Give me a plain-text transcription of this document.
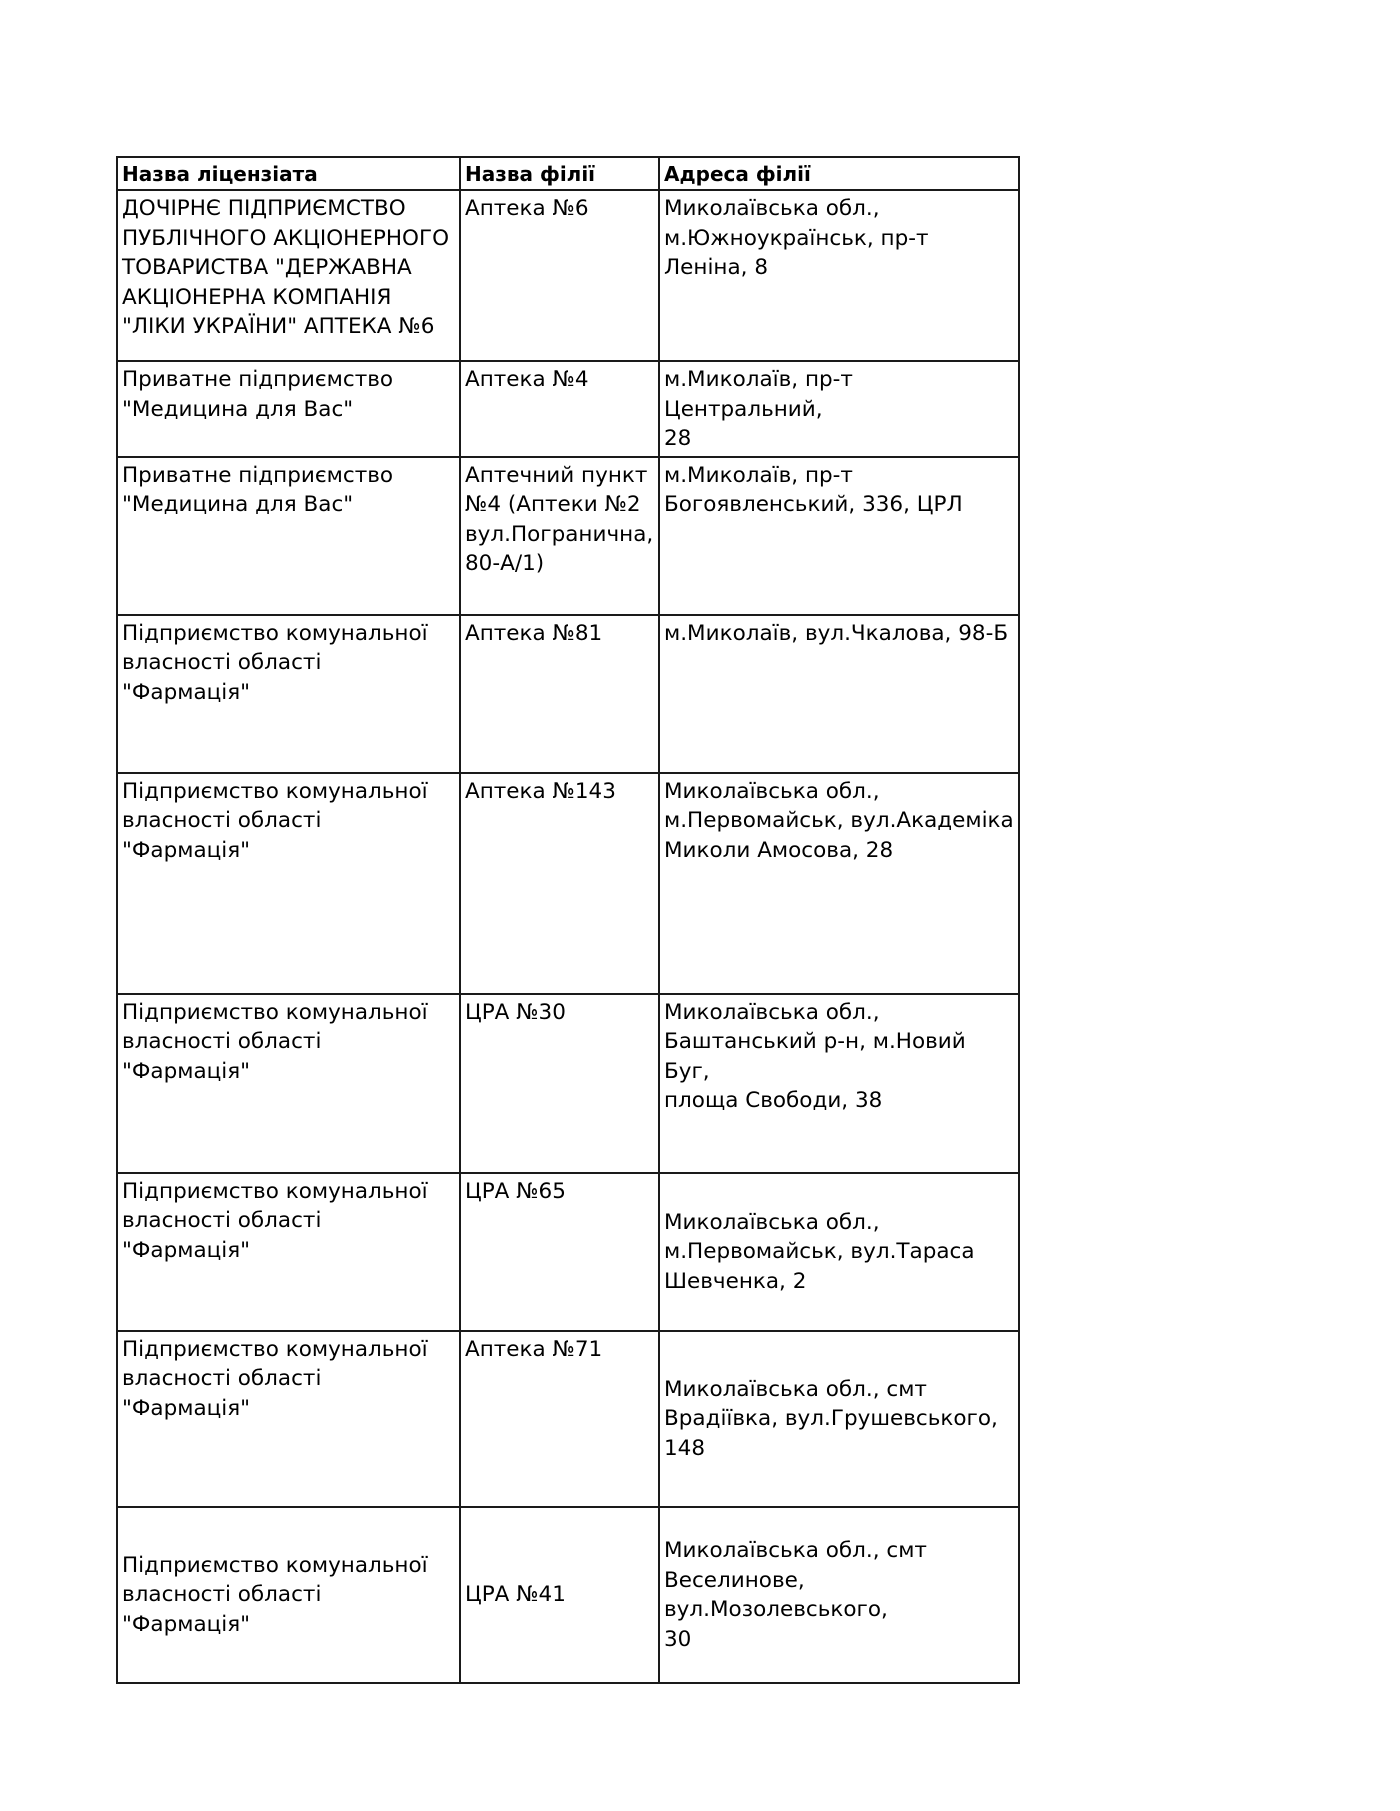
Назва ліцензіата	Назва філії	Адреса філії

ДОЧІРНЄ ПІДПРИЄМСТВО
ПУБЛІЧНОГО АКЦІОНЕРНОГО
ТОВАРИСТВА "ДЕРЖАВНА
АКЦІОНЕРНА КОМПАНІЯ
"ЛІКИ УКРАЇНИ" АПТЕКА №6	Аптека №6	Миколаївська обл.,
м.Южноукраїнськ, пр-т Леніна, 8

Приватне підприємство
"Медицина для Вас"	Аптека №4	м.Миколаїв, пр-т Центральний,
28

Приватне підприємство
"Медицина для Вас"	Аптечний пункт
№4 (Аптеки №2
вул.Погранична,
80-А/1)	м.Миколаїв, пр-т
Богоявленський, 336, ЦРЛ

Підприємство комунальної
власності області "Фармація"	Аптека №81	м.Миколаїв, вул.Чкалова, 98-Б

Підприємство комунальної
власності області "Фармація"	Аптека №143	Миколаївська обл.,
м.Первомайськ, вул.Академіка
Миколи Амосова, 28

Підприємство комунальної
власності області "Фармація"	ЦРА №30	Миколаївська обл.,
Баштанський р-н, м.Новий Буг,
площа Свободи, 38

Підприємство комунальної
власності області "Фармація"	ЦРА №65	Миколаївська обл.,
м.Первомайськ, вул.Тараса
Шевченка, 2

Підприємство комунальної
власності області "Фармація"	Аптека №71	Миколаївська обл., смт
Врадіївка, вул.Грушевського, 148

Підприємство комунальної
власності області "Фармація"	ЦРА №41	Миколаївська обл., смт
Веселинове, вул.Мозолевського,
30
